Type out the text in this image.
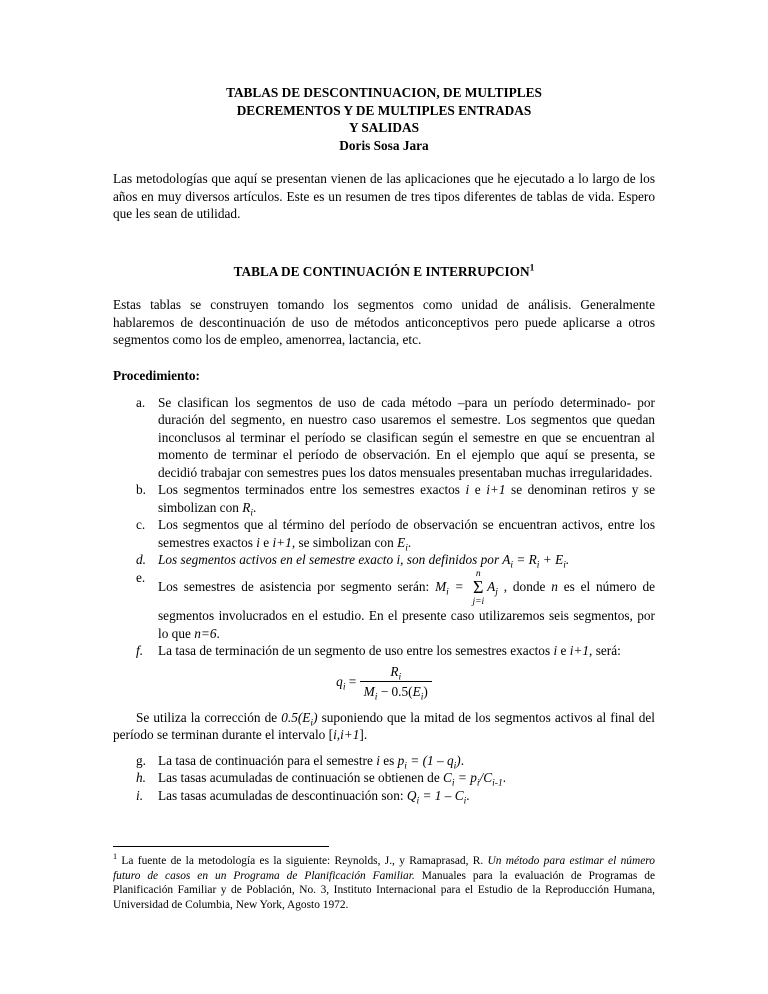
TABLAS DE DESCONTINUACION, DE MULTIPLES
DECREMENTOS Y DE MULTIPLES ENTRADAS
Y SALIDAS
Doris Sosa Jara

Las metodologías que aquí se presentan vienen de las aplicaciones que he ejecutado a lo largo de los años en muy diversos artículos. Este es un resumen de tres tipos diferentes de tablas de vida. Espero que les sean de utilidad.

TABLA DE CONTINUACIÓN E INTERRUPCION$^1$

Estas tablas se construyen tomando los segmentos como unidad de análisis. Generalmente hablaremos de descontinuación de uso de métodos anticonceptivos pero puede aplicarse a otros segmentos como los de empleo, amenorrea, lactancia, etc.

Procedimiento:

a. Se clasifican los segmentos de uso de cada método –para un período determinado- por duración del segmento, en nuestro caso usaremos el semestre. Los segmentos que quedan inconclusos al terminar el período se clasifican según el semestre en que se encuentran al momento de terminar el período de observación. En el ejemplo que aquí se presenta, se decidió trabajar con semestres pues los datos mensuales presentaban muchas irregularidades.
b. Los segmentos terminados entre los semestres exactos i e i+1 se denominan retiros y se simbolizan con $R_i$.
c. Los segmentos que al término del período de observación se encuentran activos, entre los semestres exactos i e i+1, se simbolizan con $E_i$.
d. Los segmentos activos en el semestre exacto i, son definidos por $A_i = R_i + E_i$.
e.
Los semestres de asistencia por segmento serán: $M_i$ =
n
Σ
j=i
$A_j$ , donde n es el número de segmentos involucrados en el estudio. En el presente caso utilizaremos seis segmentos, por lo que n=6.
f. La tasa de terminación de un segmento de uso entre los semestres exactos i e i+1, será:
$q_i = \frac{R_i}{M_i - 0.5(E_i)}$

Se utiliza la corrección de $0.5(E_i)$ suponiendo que la mitad de los segmentos activos al final del período se terminan durante el intervalo [i,i+1].

g. La tasa de continuación para el semestre i es $p_i = (1 - q_i)$.
h. Las tasas acumuladas de continuación se obtienen de $C_i = p_i/C_{i-1}$.
i. Las tasas acumuladas de descontinuación son: $Q_i = 1 - C_i$.

$^1$ La fuente de la metodología es la siguiente: Reynolds, J., y Ramaprasad, R. Un método para estimar el número futuro de casos en un Programa de Planificación Familiar. Manuales para la evaluación de Programas de Planificación Familiar y de Población, No. 3, Instituto Internacional para el Estudio de la Reproducción Humana, Universidad de Columbia, New York, Agosto 1972.
